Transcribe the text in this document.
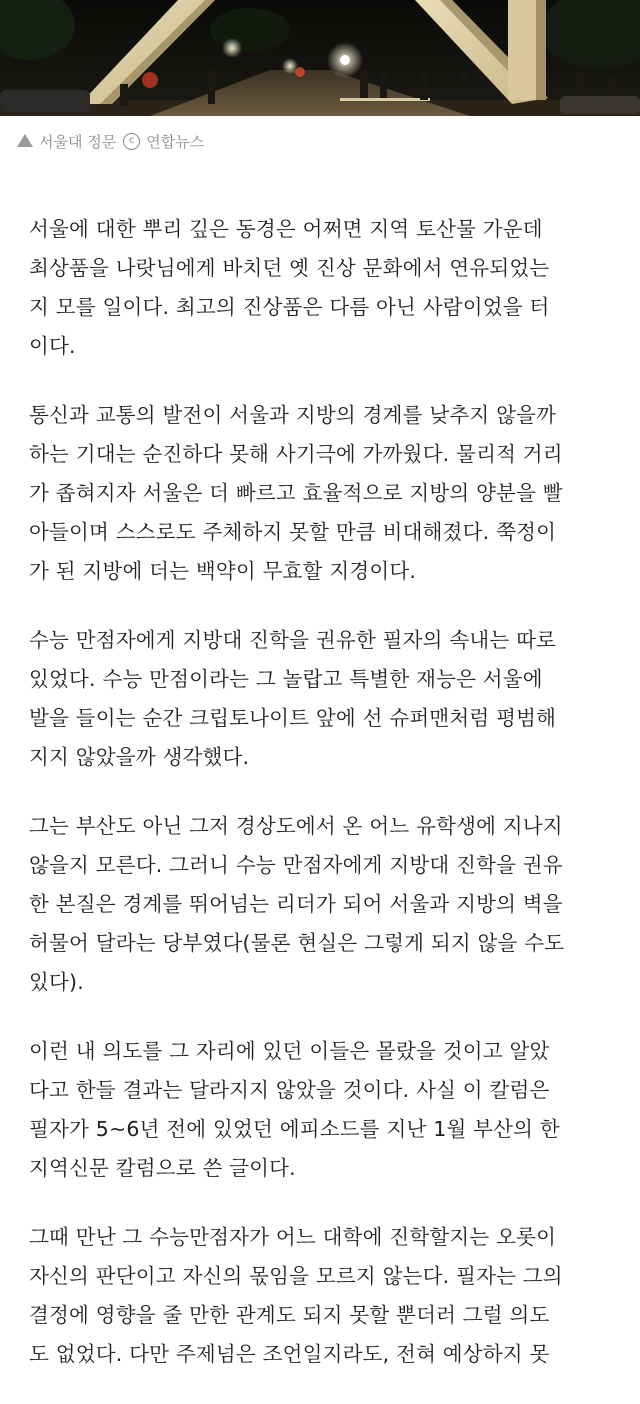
서울대 정문	c 연합뉴스

서울에 대한 뿌리 깊은 동경은 어쩌면 지역 토산물 가운데
최상품을 나랏님에게 바치던 옛 진상 문화에서 연유되었는
지 모를 일이다. 최고의 진상품은 다름 아닌 사람이었을 터
이다.

통신과 교통의 발전이 서울과 지방의 경계를 낮추지 않을까
하는 기대는 순진하다 못해 사기극에 가까웠다. 물리적 거리
가 좁혀지자 서울은 더 빠르고 효율적으로 지방의 양분을 빨
아들이며 스스로도 주체하지 못할 만큼 비대해졌다. 쭉정이
가 된 지방에 더는 백약이 무효할 지경이다.

수능 만점자에게 지방대 진학을 권유한 필자의 속내는 따로
있었다. 수능 만점이라는 그 놀랍고 특별한 재능은 서울에
발을 들이는 순간 크립토나이트 앞에 선 슈퍼맨처럼 평범해
지지 않았을까 생각했다.

그는 부산도 아닌 그저 경상도에서 온 어느 유학생에 지나지
않을지 모른다. 그러니 수능 만점자에게 지방대 진학을 권유
한 본질은 경계를 뛰어넘는 리더가 되어 서울과 지방의 벽을
허물어 달라는 당부였다(물론 현실은 그렇게 되지 않을 수도
있다).

이런 내 의도를 그 자리에 있던 이들은 몰랐을 것이고 알았
다고 한들 결과는 달라지지 않았을 것이다. 사실 이 칼럼은
필자가 5~6년 전에 있었던 에피소드를 지난 1월 부산의 한
지역신문 칼럼으로 쓴 글이다.

그때 만난 그 수능만점자가 어느 대학에 진학할지는 오롯이
자신의 판단이고 자신의 몫임을 모르지 않는다. 필자는 그의
결정에 영향을 줄 만한 관계도 되지 못할 뿐더러 그럴 의도
도 없었다. 다만 주제넘은 조언일지라도, 전혀 예상하지 못
